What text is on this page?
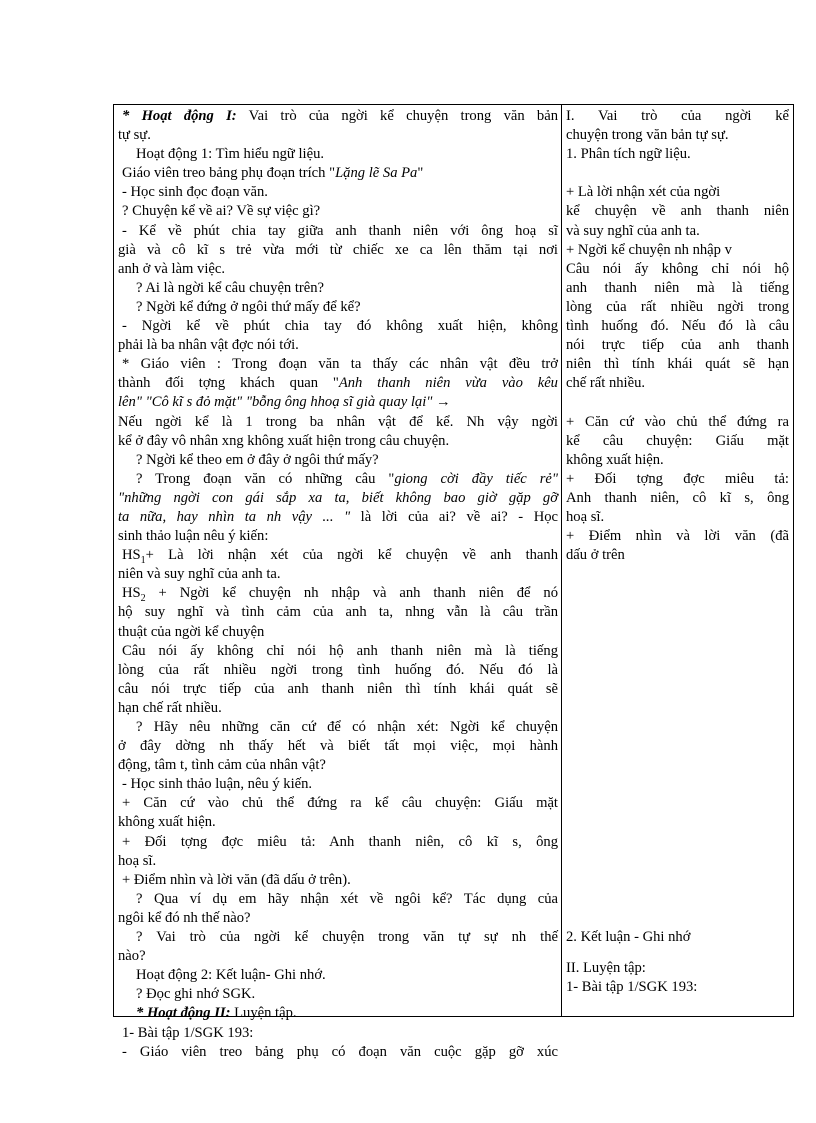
* Hoạt động I: Vai trò của ngời kể chuyện trong văn bản

tự sự.

Hoạt động 1: Tìm hiểu ngữ liệu.

Giáo viên treo bảng phụ đoạn trích "Lặng lẽ Sa Pa"

- Học sinh đọc đoạn văn.

? Chuyện kể về ai? Về sự việc gì?

- Kể về phút chia tay giữa anh thanh niên với ông hoạ sĩ

già và cô kĩ s trẻ vừa mới từ chiếc xe ca lên thăm tại nơi

anh ở và làm việc.

? Ai là ngời kể câu chuyện trên?

? Ngời kể đứng ở ngôi thứ mấy để kể?

- Ngời kể về phút chia tay đó không xuất hiện, không

phải là ba nhân vật đợc nói tới.

* Giáo viên : Trong đoạn văn ta thấy các nhân vật đều trở

thành đối tợng khách quan "Anh thanh niên vừa vào kêu

lên" "Cô kĩ s đỏ mặt" "bỗng ông hhoạ sĩ già quay lại" →

Nếu ngời kể là 1 trong ba nhân vật để kể. Nh vậy ngời

kể ở đây vô nhân xng không xuất hiện trong câu chuyện.

? Ngời kể theo em ở đây ở ngôi thứ mấy?

? Trong đoạn văn có những câu "giong cời đầy tiếc rẻ"

"những ngời con gái sắp xa ta, biết không bao giờ gặp gỡ

ta nữa, hay nhìn ta nh vậy ... " là lời của ai? về ai? - Học

sinh thảo luận nêu ý kiến:

$HS_1+$ Là lời nhận xét của ngời kể chuyện về anh thanh

niên và suy nghĩ của anh ta.

$HS_2$ + Ngời kể chuyện nh nhập và anh thanh niên để nó

hộ suy nghĩ và tình cảm của anh ta, nhng vẫn là câu trần

thuật của ngời kể chuyện

Câu nói ấy không chỉ nói hộ anh thanh niên mà là tiếng

lòng của rất nhiều ngời trong tình huống đó. Nếu đó là

câu nói trực tiếp của anh thanh niên thì tính khái quát sẽ

hạn chế rất nhiều.

? Hãy nêu những căn cứ để có nhận xét: Ngời kể chuyện

ở đây dờng nh thấy hết và biết tất mọi việc, mọi hành

động, tâm t, tình cảm của nhân vật?

- Học sinh thảo luận, nêu ý kiến.

+ Căn cứ vào chủ thể đứng ra kể câu chuyện: Giấu mặt

không xuất hiện.

+ Đối tợng đợc miêu tả: Anh thanh niên, cô kĩ s, ông

hoạ sĩ.

+ Điểm nhìn và lời văn (đã dấu ở trên).

? Qua ví dụ em hãy nhận xét về ngôi kể? Tác dụng của

ngôi kể đó nh thế nào?

? Vai trò của ngời kể chuyện trong văn tự sự nh thế

nào?

Hoạt động 2: Kết luận- Ghi nhớ.

? Đọc ghi nhớ SGK.

* Hoạt động II: Luyện tập.

1- Bài tập 1/SGK 193:

- Giáo viên treo bảng phụ có đoạn văn cuộc gặp gỡ xúc

I. Vai trò của ngời kể

chuyện trong văn bản tự sự.

1. Phân tích ngữ liệu.

+ Là lời nhận xét của ngời

kể chuyện về anh thanh niên

và suy nghĩ của anh ta.

+ Ngời kể chuyện nh nhập v

Câu nói ấy không chỉ nói hộ

anh thanh niên mà là tiếng

lòng của rất nhiều ngời trong

tình huống đó. Nếu đó là câu

nói trực tiếp của anh thanh

niên thì tính khái quát sẽ hạn

chế rất nhiều.

+ Căn cứ vào chủ thể đứng ra

kể câu chuyện: Giấu mặt

không xuất hiện.

+ Đối tợng đợc miêu tả:

Anh thanh niên, cô kĩ s, ông

hoạ sĩ.

+ Điểm nhìn và lời văn (đã

dấu ở trên

2. Kết luận - Ghi nhớ

II. Luyện tập:

1- Bài tập 1/SGK 193:
